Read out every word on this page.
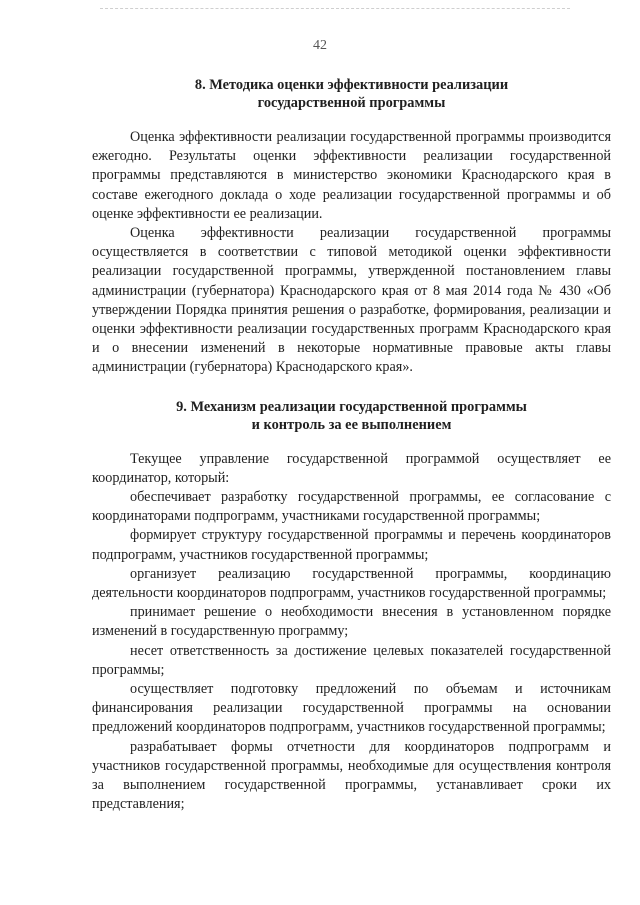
42
8. Методика оценки эффективности реализации
государственной программы

Оценка эффективности реализации государственной программы производится ежегодно. Результаты оценки эффективности реализации государственной программы представляются в министерство экономики Краснодарского края в составе ежегодного доклада о ходе реализации государственной программы и об оценке эффективности ее реализации.

Оценка эффективности реализации государственной программы осуществляется в соответствии с типовой методикой оценки эффективности реализации государственной программы, утвержденной постановлением главы администрации (губернатора) Краснодарского края от 8 мая 2014 года № 430 «Об утверждении Порядка принятия решения о разработке, формирования, реализации и оценки эффективности реализации государственных программ Краснодарского края и о внесении изменений в некоторые нормативные правовые акты главы администрации (губернатора) Краснодарского края».

9. Механизм реализации государственной программы
и контроль за ее выполнением

Текущее управление государственной программой осуществляет ее координатор, который:

обеспечивает разработку государственной программы, ее согласование с координаторами подпрограмм, участниками государственной программы;

формирует структуру государственной программы и перечень координаторов подпрограмм, участников государственной программы;

организует реализацию государственной программы, координацию деятельности координаторов подпрограмм, участников государственной программы;

принимает решение о необходимости внесения в установленном порядке изменений в государственную программу;

несет ответственность за достижение целевых показателей государственной программы;

осуществляет подготовку предложений по объемам и источникам финансирования реализации государственной программы на основании предложений координаторов подпрограмм, участников государственной программы;

разрабатывает формы отчетности для координаторов подпрограмм и участников государственной программы, необходимые для осуществления контроля за выполнением государственной программы, устанавливает сроки их представления;
